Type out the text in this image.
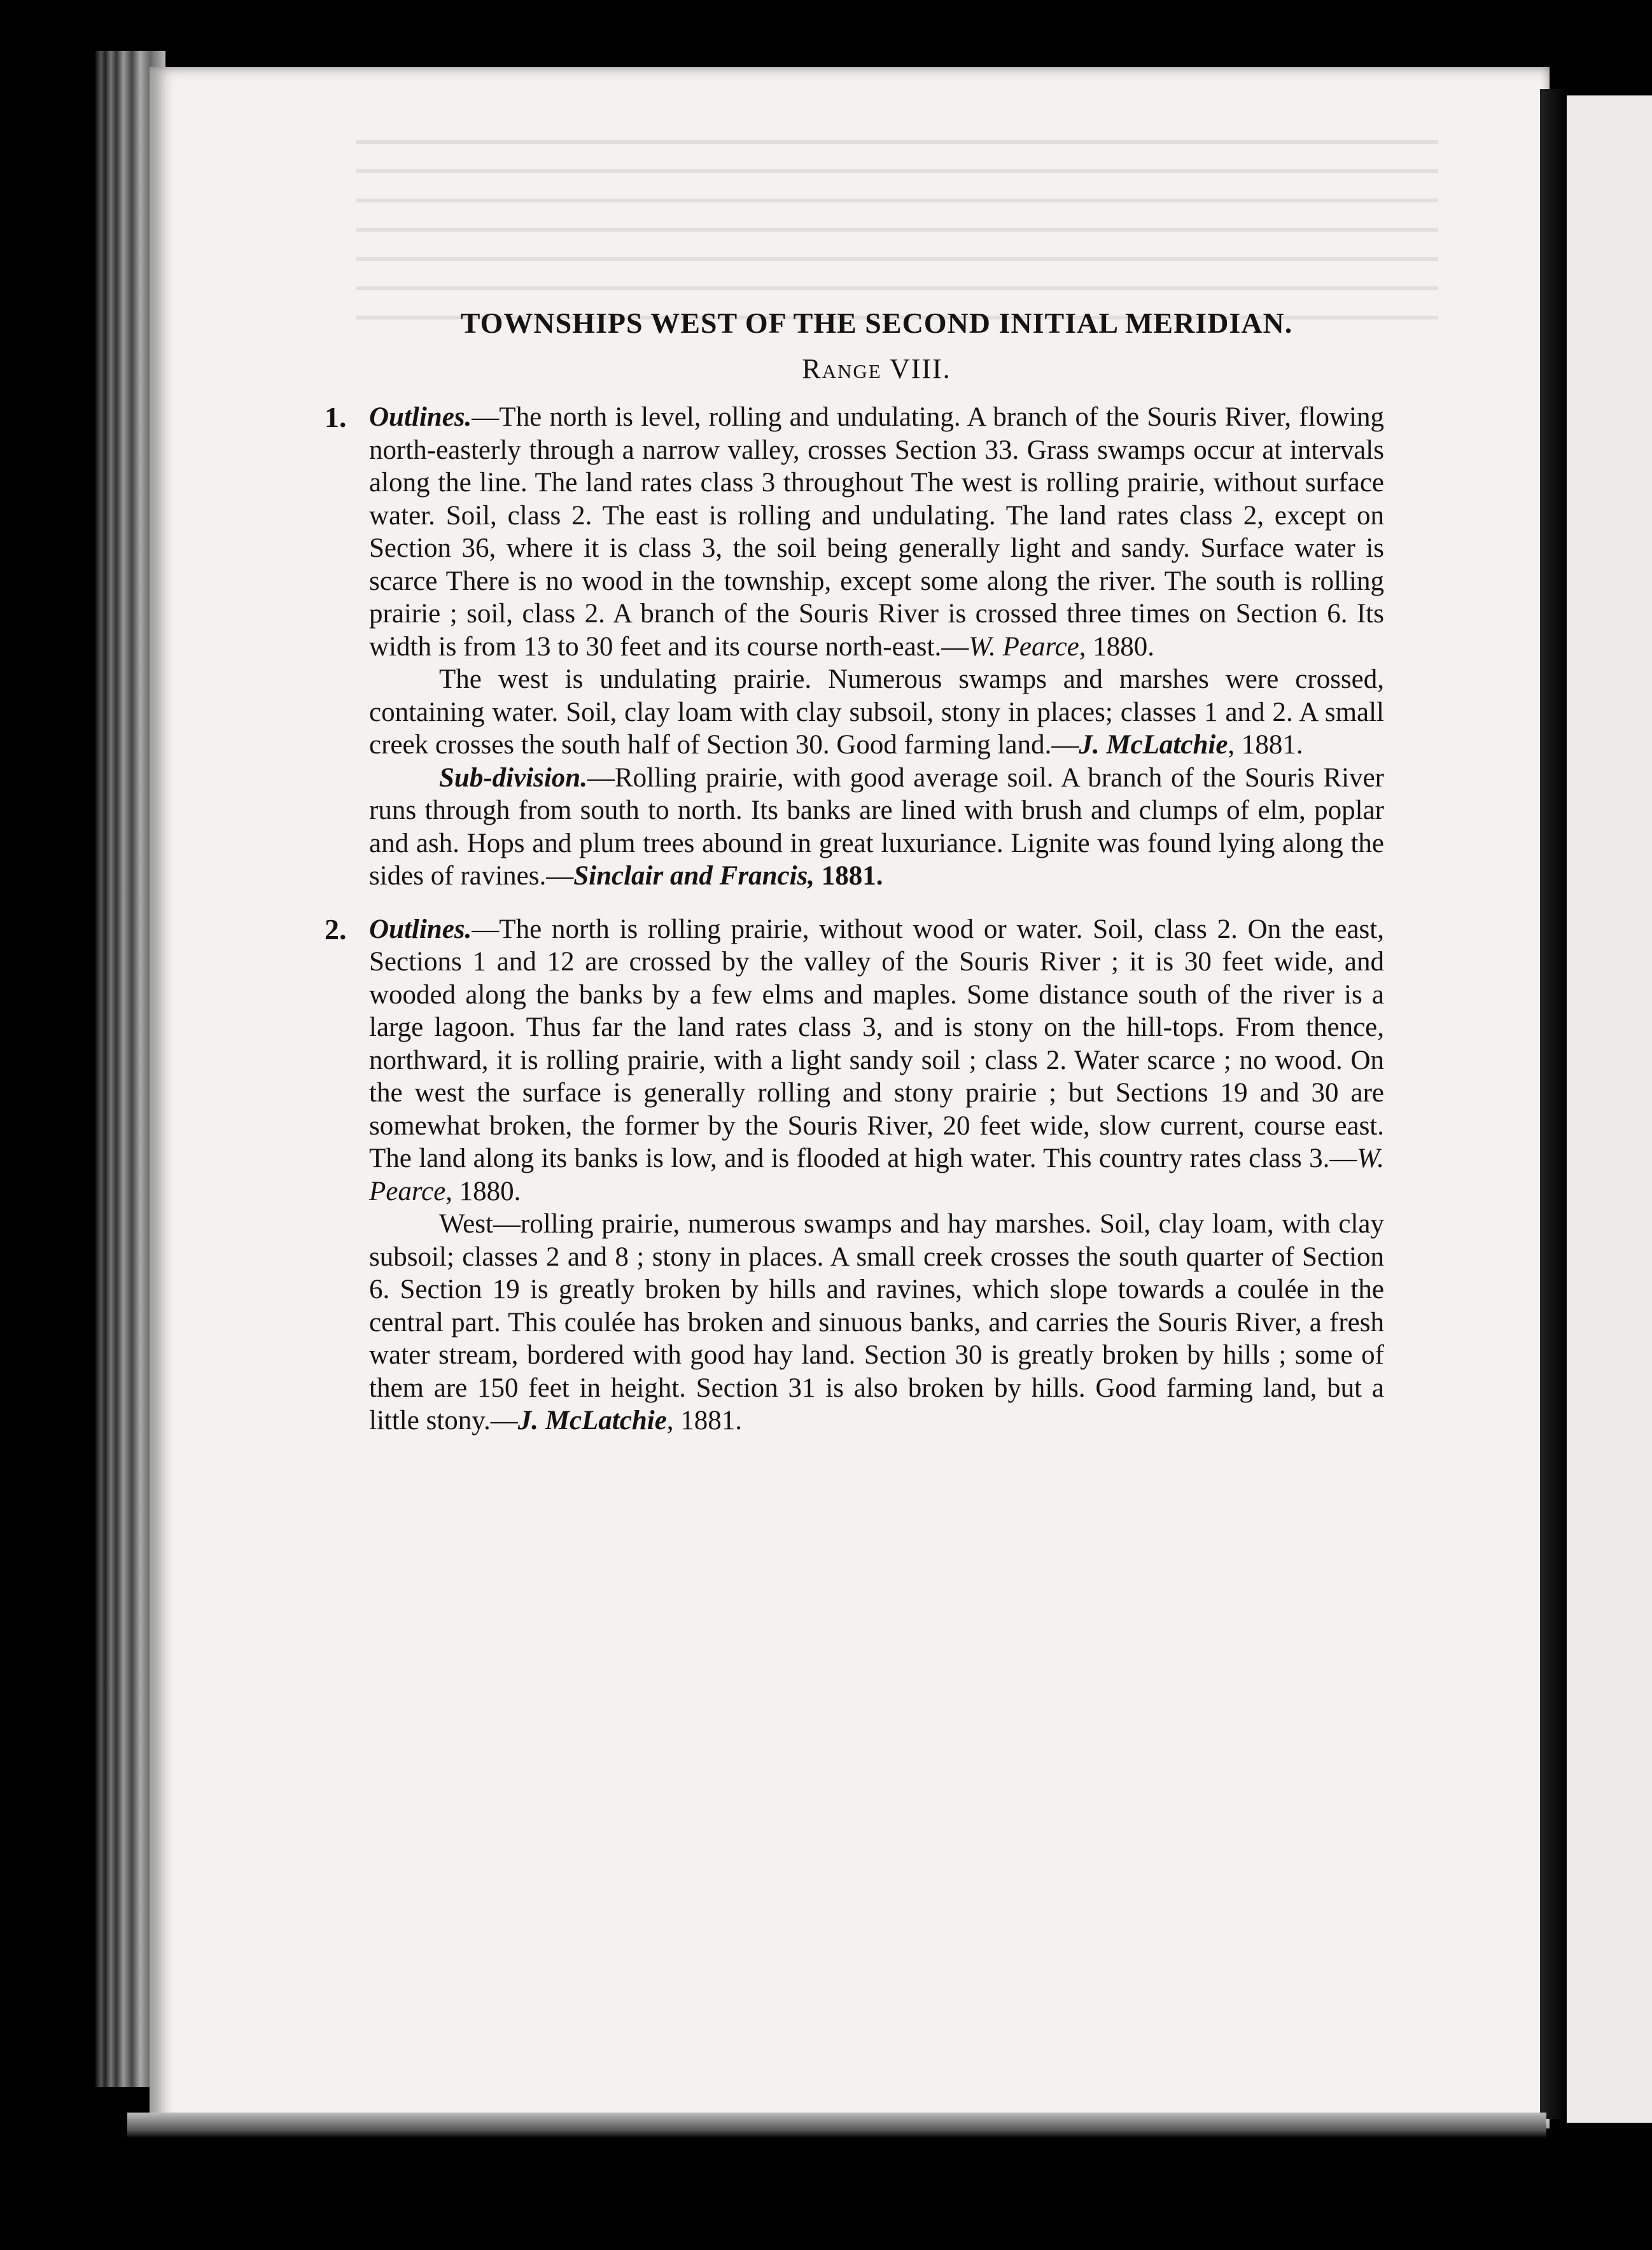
TOWNSHIPS WEST OF THE SECOND INITIAL MERIDIAN.
Range VIII.
1. Outlines.—The north is level, rolling and undulating. A branch of the Souris River, flowing north-easterly through a narrow valley, crosses Section 33. Grass swamps occur at intervals along the line. The land rates class 3 throughout The west is rolling prairie, without surface water. Soil, class 2. The east is rolling and undulating. The land rates class 2, except on Section 36, where it is class 3, the soil being generally light and sandy. Surface water is scarce There is no wood in the township, except some along the river. The south is rolling prairie ; soil, class 2. A branch of the Souris River is crossed three times on Section 6. Its width is from 13 to 30 feet and its course north-east.—W. Pearce, 1880.

The west is undulating prairie. Numerous swamps and marshes were crossed, containing water. Soil, clay loam with clay subsoil, stony in places; classes 1 and 2. A small creek crosses the south half of Section 30. Good farming land.—J. McLatchie, 1881.

Sub-division.—Rolling prairie, with good average soil. A branch of the Souris River runs through from south to north. Its banks are lined with brush and clumps of elm, poplar and ash. Hops and plum trees abound in great luxuriance. Lignite was found lying along the sides of ravines.—Sinclair and Francis, 1881.

2. Outlines.—The north is rolling prairie, without wood or water. Soil, class 2. On the east, Sections 1 and 12 are crossed by the valley of the Souris River ; it is 30 feet wide, and wooded along the banks by a few elms and maples. Some distance south of the river is a large lagoon. Thus far the land rates class 3, and is stony on the hill-tops. From thence, northward, it is rolling prairie, with a light sandy soil ; class 2. Water scarce ; no wood. On the west the surface is generally rolling and stony prairie ; but Sections 19 and 30 are somewhat broken, the former by the Souris River, 20 feet wide, slow current, course east. The land along its banks is low, and is flooded at high water. This country rates class 3.—W. Pearce, 1880.

West—rolling prairie, numerous swamps and hay marshes. Soil, clay loam, with clay subsoil; classes 2 and 8 ; stony in places. A small creek crosses the south quarter of Section 6. Section 19 is greatly broken by hills and ravines, which slope towards a coulée in the central part. This coulée has broken and sinuous banks, and carries the Souris River, a fresh water stream, bordered with good hay land. Section 30 is greatly broken by hills ; some of them are 150 feet in height. Section 31 is also broken by hills. Good farming land, but a little stony.—J. McLatchie, 1881.
